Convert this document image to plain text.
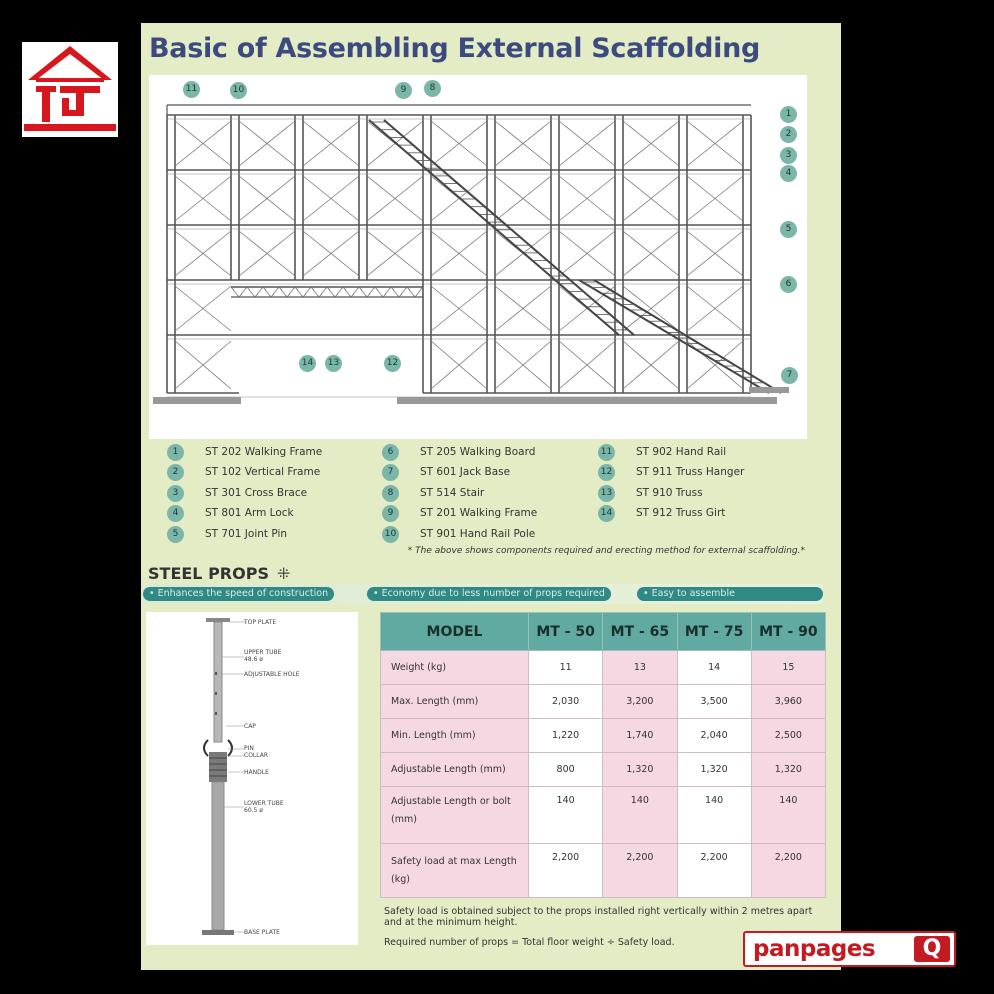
Basic of Assembling External Scaffolding
11	10	9	8
1
2
3
4
5
6
7
14	13	12
1	ST 202 Walking Frame
2	ST 102 Vertical Frame
3	ST 301 Cross Brace
4	ST 801 Arm Lock
5	ST 701 Joint Pin
6	ST 205 Walking Board
7	ST 601 Jack Base
8	ST 514 Stair
9	ST 201 Walking Frame
10 ST 901 Hand Rail Pole
11 ST 902 Hand Rail
12 ST 911 Truss Hanger
13 ST 910 Truss
14 ST 912 Truss Girt
* The above shows components required and erecting method for external scaffolding.*
STEEL PROPS ⁜
• Enhances the speed of construction	• Economy due to less number of props required	• Easy to assemble
TOP PLATE
UPPER TUBE
48.6 ø
ADJUSTABLE HOLE
CAP
PIN
COLLAR
HANDLE
LOWER TUBE
60.5 ø
BASE PLATE
MODEL	MT - 50	MT - 65	MT - 75	MT - 90
Weight (kg)	11	13	14	15
Max. Length (mm)	2,030	3,200	3,500	3,960
Min. Length (mm)	1,220	1,740	2,040	2,500
Adjustable Length (mm)	800	1,320	1,320	1,320
Adjustable Length or bolt (mm)	140	140	140	140
Safety load at max Length (kg)	2,200	2,200	2,200	2,200
Safety load is obtained subject to the props installed right vertically within 2 metres apart and at the minimum height.
Required number of props = Total floor weight ÷ Safety load.	panpages	Q
